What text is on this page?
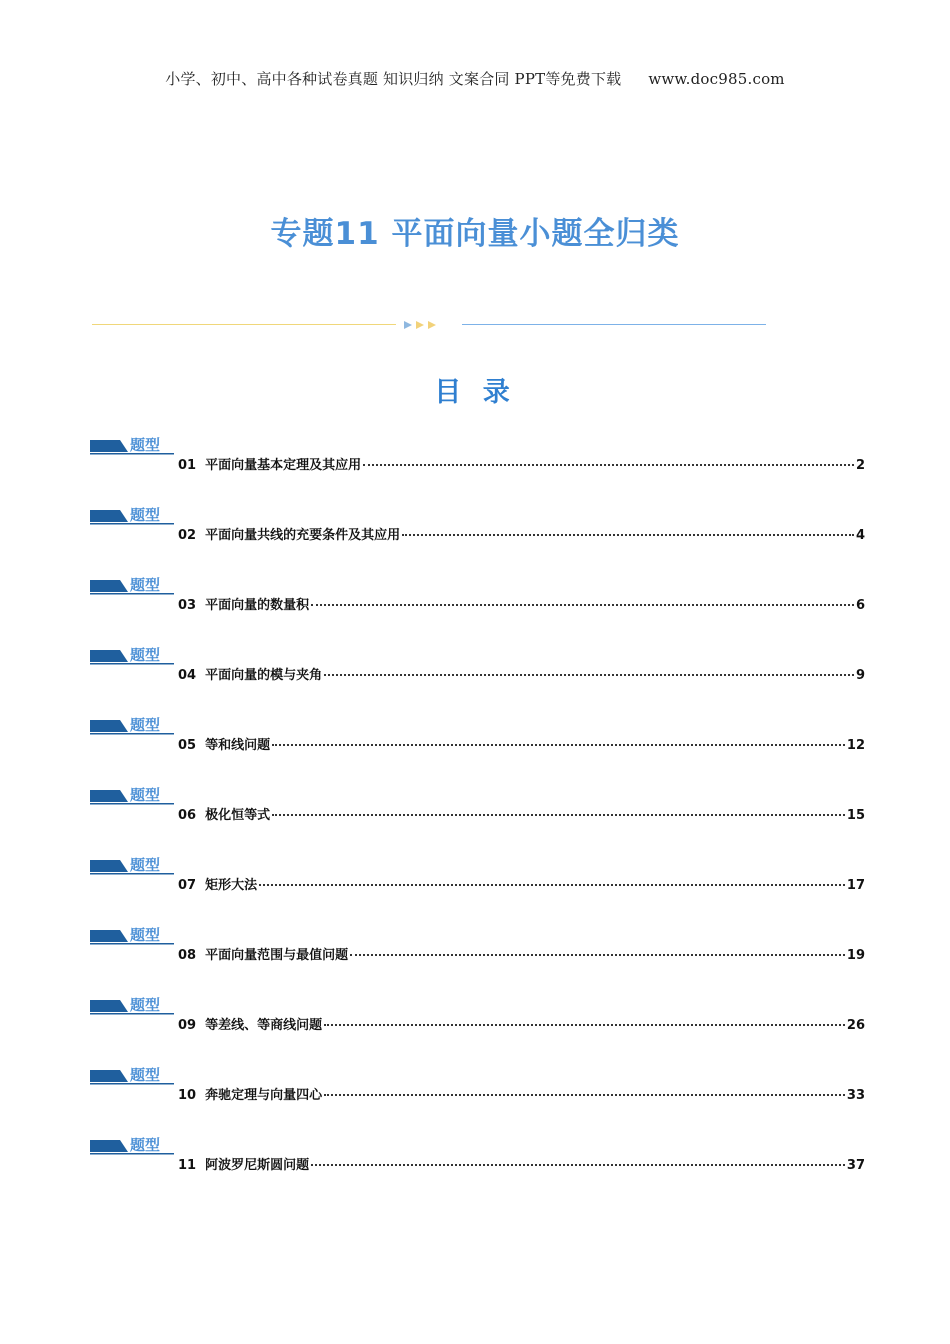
小学、初中、高中各种试卷真题 知识归纳 文案合同 PPT等免费下载 www.doc985.com
专题11 平面向量小题全归类
目 录
题型
01 平面向量基本定理及其应用	2
题型
02 平面向量共线的充要条件及其应用	4
题型
03 平面向量的数量积	6
题型
04 平面向量的模与夹角	9
题型
05 等和线问题	12
题型
06 极化恒等式	15
题型
07 矩形大法	17
题型
08 平面向量范围与最值问题	19
题型
09 等差线、等商线问题	26
题型
10 奔驰定理与向量四心	33
题型
11 阿波罗尼斯圆问题	37
